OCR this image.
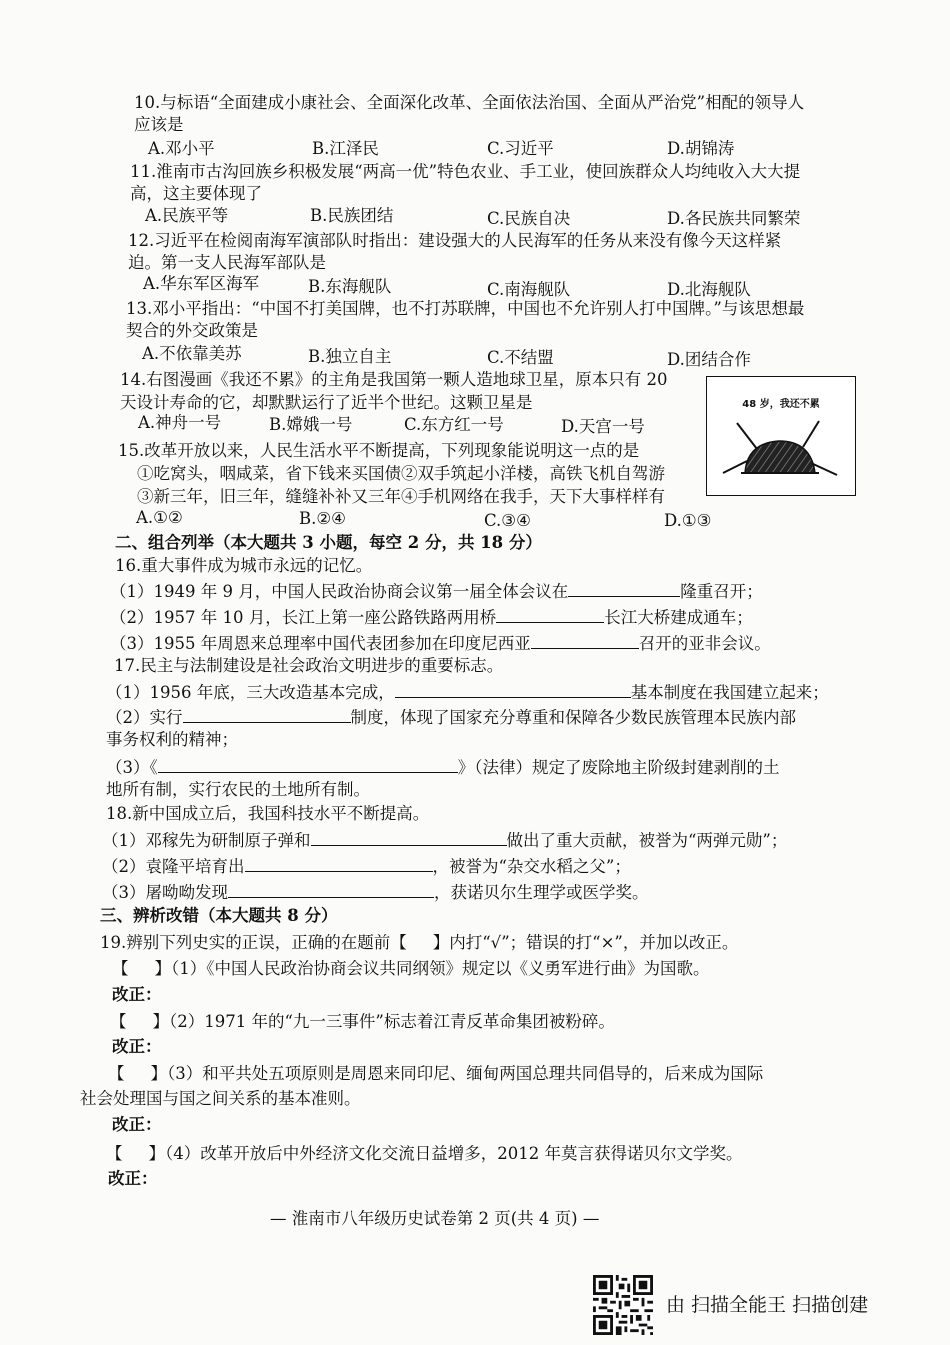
10.与标语“全面建成小康社会、全面深化改革、全面依法治国、全面从严治党”相配的领导人
应该是
A.邓小平	B.江泽民	C.习近平	D.胡锦涛
11.淮南市古沟回族乡积极发展“两高一优”特色农业、手工业，使回族群众人均纯收入大大提
高，这主要体现了
A.民族平等	B.民族团结	C.民族自决	D.各民族共同繁荣
12.习近平在检阅南海军演部队时指出：建设强大的人民海军的任务从来没有像今天这样紧
迫。第一支人民海军部队是
A.华东军区海军	B.东海舰队	C.南海舰队	D.北海舰队
13.邓小平指出：“中国不打美国牌，也不打苏联牌，中国也不允许别人打中国牌。”与该思想最
契合的外交政策是
A.不依靠美苏	B.独立自主	C.不结盟	D.团结合作
14.右图漫画《我还不累》的主角是我国第一颗人造地球卫星，原本只有 20
天设计寿命的它，却默默运行了近半个世纪。这颗卫星是
A.神舟一号	B.嫦娥一号	C.东方红一号	D.天宫一号
48 岁，我还不累
15.改革开放以来，人民生活水平不断提高，下列现象能说明这一点的是
①吃窝头，咽咸菜，省下钱来买国债②双手筑起小洋楼，高铁飞机自驾游
③新三年，旧三年，缝缝补补又三年④手机网络在我手，天下大事样样有
A.①②	B.②④	C.③④	D.①③
二、组合列举（本大题共 3 小题，每空 2 分，共 18 分）
16.重大事件成为城市永远的记忆。
（1）1949 年 9 月，中国人民政治协商会议第一届全体会议在	隆重召开；
（2）1957 年 10 月，长江上第一座公路铁路两用桥	长江大桥建成通车；
（3）1955 年周恩来总理率中国代表团参加在印度尼西亚	召开的亚非会议。
17.民主与法制建设是社会政治文明进步的重要标志。
（1）1956 年底，三大改造基本完成，	基本制度在我国建立起来；
（2）实行	制度，体现了国家充分尊重和保障各少数民族管理本民族内部
事务权利的精神；
（3）《	》（法律）规定了废除地主阶级封建剥削的土
地所有制，实行农民的土地所有制。
18.新中国成立后，我国科技水平不断提高。
（1）邓稼先为研制原子弹和	做出了重大贡献，被誉为“两弹元勋”；
（2）袁隆平培育出	，被誉为“杂交水稻之父”；
（3）屠呦呦发现	，获诺贝尔生理学或医学奖。
三、辨析改错（本大题共 8 分）
19.辨别下列史实的正误，正确的在题前【 】内打“√”；错误的打“×”，并加以改正。
【 】（1）《中国人民政治协商会议共同纲领》规定以《义勇军进行曲》为国歌。
改正：
【 】（2）1971 年的“九一三事件”标志着江青反革命集团被粉碎。
改正：
【 】（3）和平共处五项原则是周恩来同印尼、缅甸两国总理共同倡导的，后来成为国际
社会处理国与国之间关系的基本准则。
改正：
【 】（4）改革开放后中外经济文化交流日益增多，2012 年莫言获得诺贝尔文学奖。
改正：
— 淮南市八年级历史试卷第 2 页(共 4 页) —
由 扫描全能王 扫描创建
